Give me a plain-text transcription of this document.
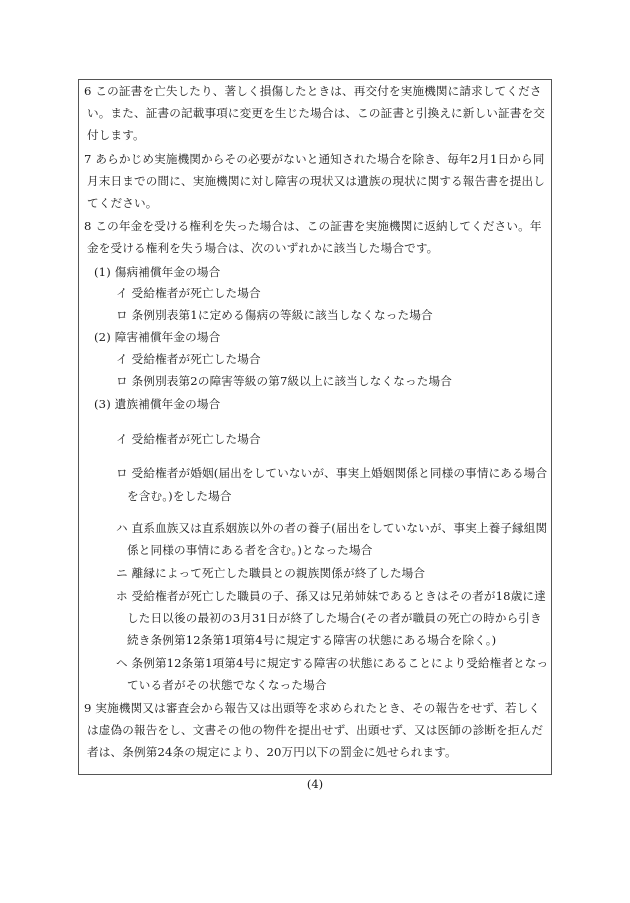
6 この証書を亡失したり、著しく損傷したときは、再交付を実施機関に請求してくださ
い。また、証書の記載事項に変更を生じた場合は、この証書と引換えに新しい証書を交
付します。
7 あらかじめ実施機関からその必要がないと通知された場合を除き、毎年2月1日から同
月末日までの間に、実施機関に対し障害の現状又は遺族の現状に関する報告書を提出し
てください。
8 この年金を受ける権利を失った場合は、この証書を実施機関に返納してください。年
金を受ける権利を失う場合は、次のいずれかに該当した場合です。
(1) 傷病補償年金の場合
イ 受給権者が死亡した場合
ロ 条例別表第1に定める傷病の等級に該当しなくなった場合
(2) 障害補償年金の場合
イ 受給権者が死亡した場合
ロ 条例別表第2の障害等級の第7級以上に該当しなくなった場合
(3) 遺族補償年金の場合
イ 受給権者が死亡した場合
ロ 受給権者が婚姻(届出をしていないが、事実上婚姻関係と同様の事情にある場合
を含む。)をした場合
ハ 直系血族又は直系姻族以外の者の養子(届出をしていないが、事実上養子縁組関
係と同様の事情にある者を含む。)となった場合
ニ 離縁によって死亡した職員との親族関係が終了した場合
ホ 受給権者が死亡した職員の子、孫又は兄弟姉妹であるときはその者が18歳に達
した日以後の最初の3月31日が終了した場合(その者が職員の死亡の時から引き
続き条例第12条第1項第4号に規定する障害の状態にある場合を除く。)
ヘ 条例第12条第1項第4号に規定する障害の状態にあることにより受給権者となっ
ている者がその状態でなくなった場合
9 実施機関又は審査会から報告又は出頭等を求められたとき、その報告をせず、若しく
は虚偽の報告をし、文書その他の物件を提出せず、出頭せず、又は医師の診断を拒んだ
者は、条例第24条の規定により、20万円以下の罰金に処せられます。
(4)
